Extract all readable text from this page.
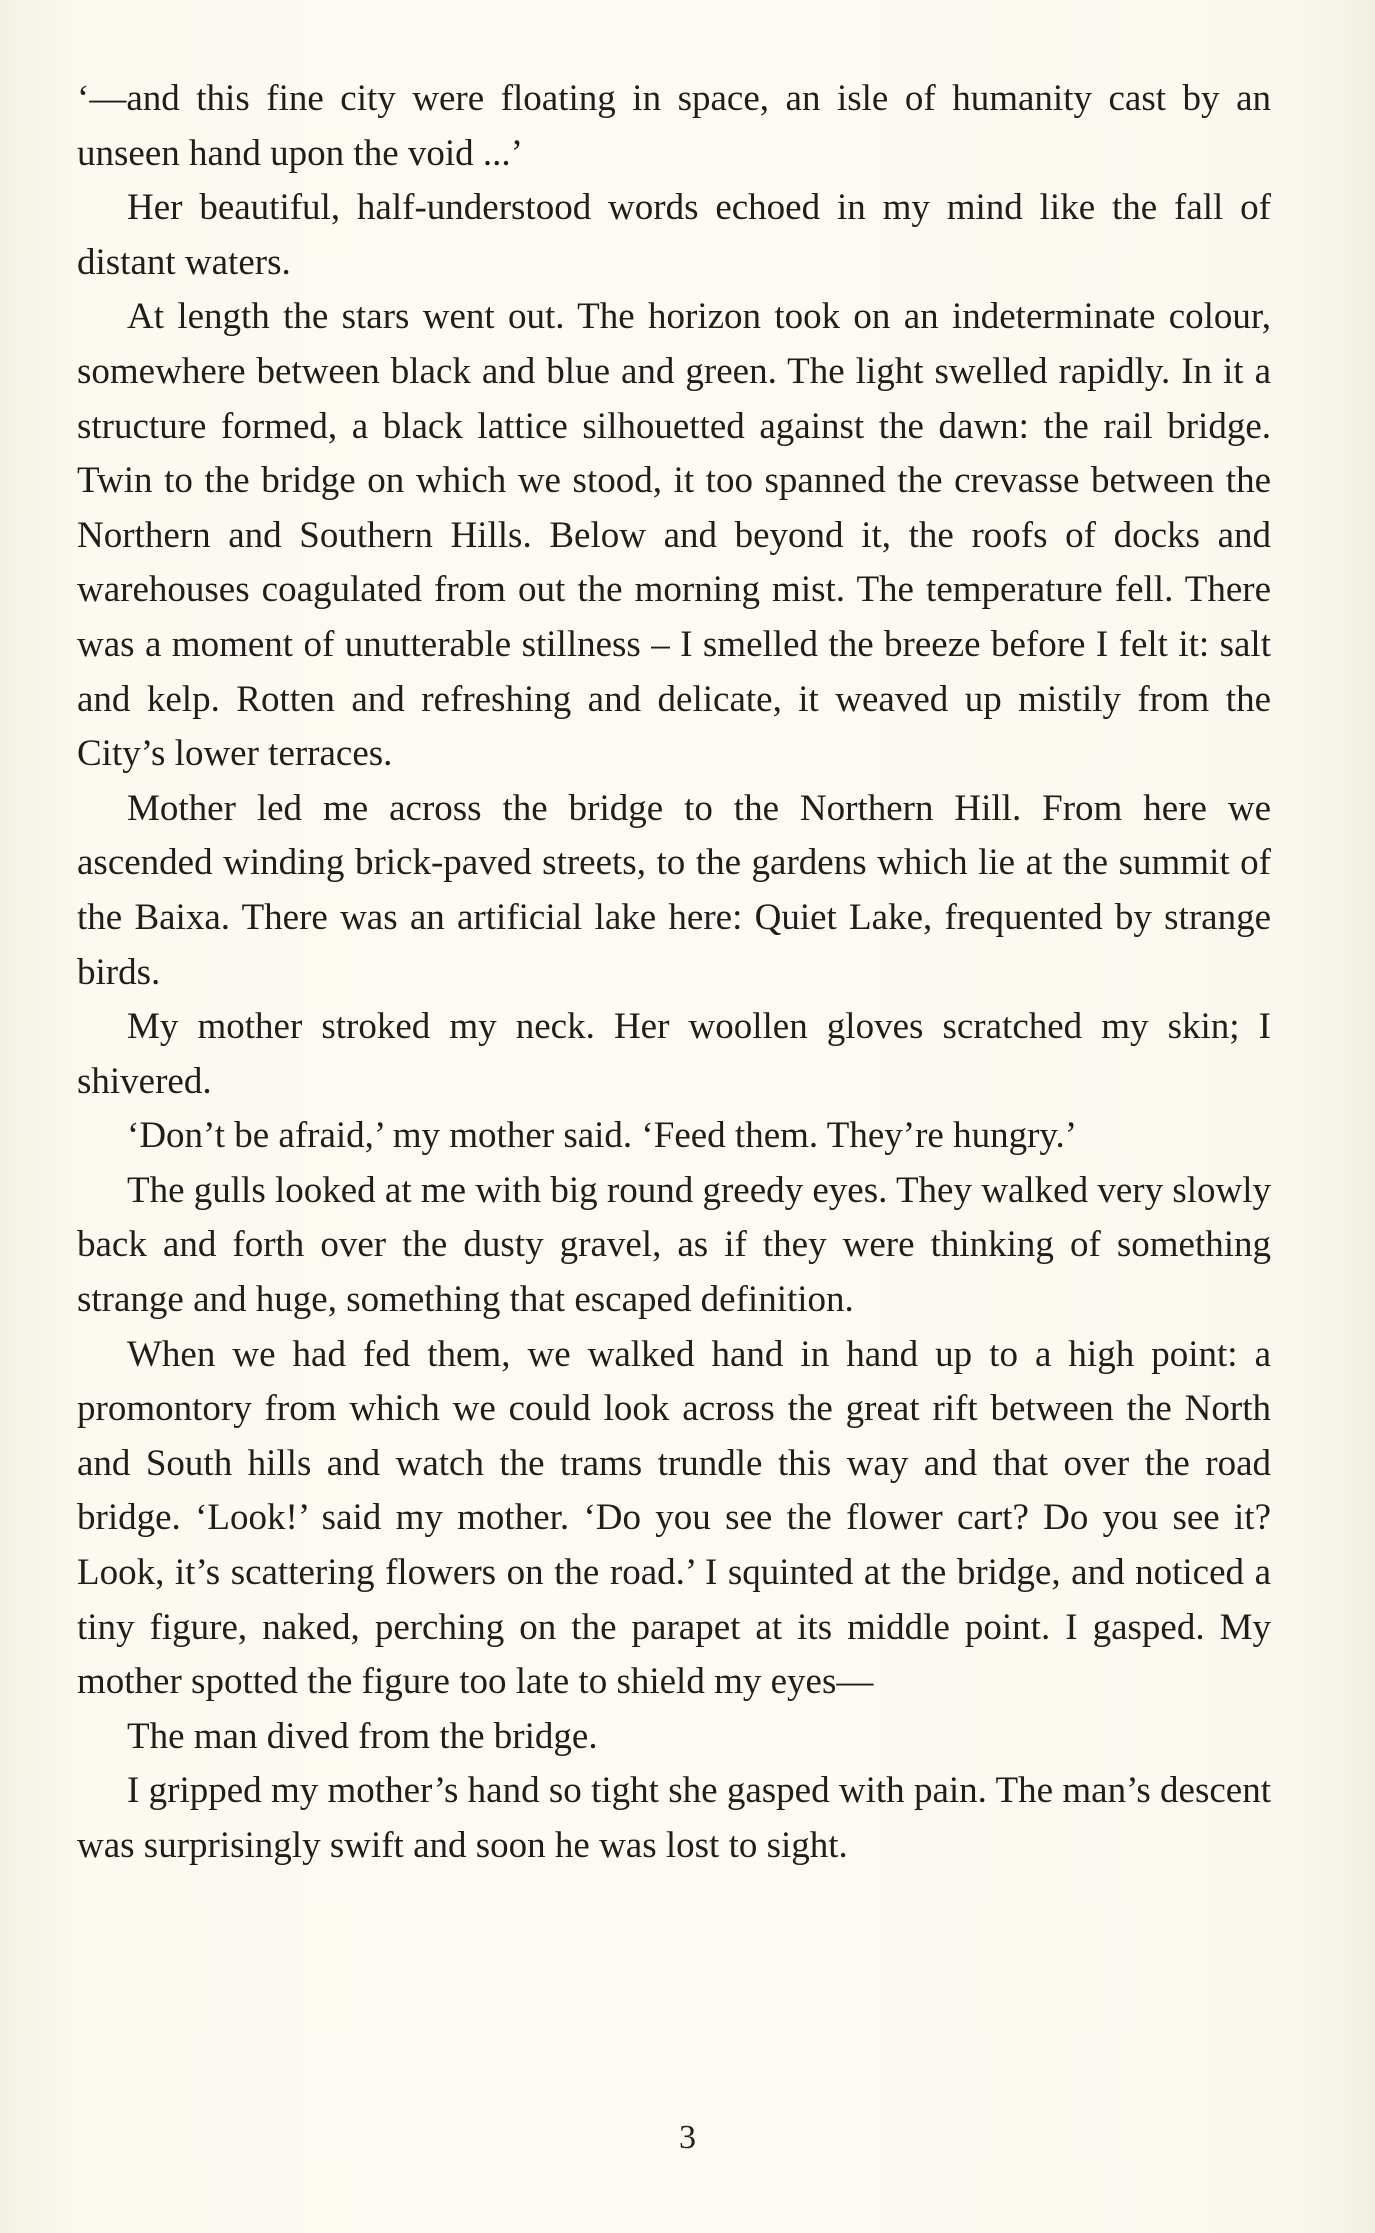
‘—and this fine city were floating in space, an isle of humanity cast by an unseen hand upon the void ...’

Her beautiful, half-understood words echoed in my mind like the fall of distant waters.

At length the stars went out. The horizon took on an indeterminate colour, somewhere between black and blue and green. The light swelled rapidly. In it a structure formed, a black lattice silhouetted against the dawn: the rail bridge. Twin to the bridge on which we stood, it too spanned the crevasse between the Northern and Southern Hills. Below and beyond it, the roofs of docks and warehouses coagulated from out the morning mist. The temperature fell. There was a moment of unutterable stillness – I smelled the breeze before I felt it: salt and kelp. Rotten and refreshing and delicate, it weaved up mistily from the City’s lower terraces.

Mother led me across the bridge to the Northern Hill. From here we ascended winding brick-paved streets, to the gardens which lie at the summit of the Baixa. There was an artificial lake here: Quiet Lake, frequented by strange birds.

My mother stroked my neck. Her woollen gloves scratched my skin; I shivered.

‘Don’t be afraid,’ my mother said. ‘Feed them. They’re hungry.’

The gulls looked at me with big round greedy eyes. They walked very slowly back and forth over the dusty gravel, as if they were thinking of something strange and huge, something that escaped definition.

When we had fed them, we walked hand in hand up to a high point: a promontory from which we could look across the great rift between the North and South hills and watch the trams trundle this way and that over the road bridge. ‘Look!’ said my mother. ‘Do you see the flower cart? Do you see it? Look, it’s scattering flowers on the road.’ I squinted at the bridge, and noticed a tiny figure, naked, perching on the parapet at its middle point. I gasped. My mother spotted the figure too late to shield my eyes—

The man dived from the bridge.

I gripped my mother’s hand so tight she gasped with pain. The man’s descent was surprisingly swift and soon he was lost to sight.

3
